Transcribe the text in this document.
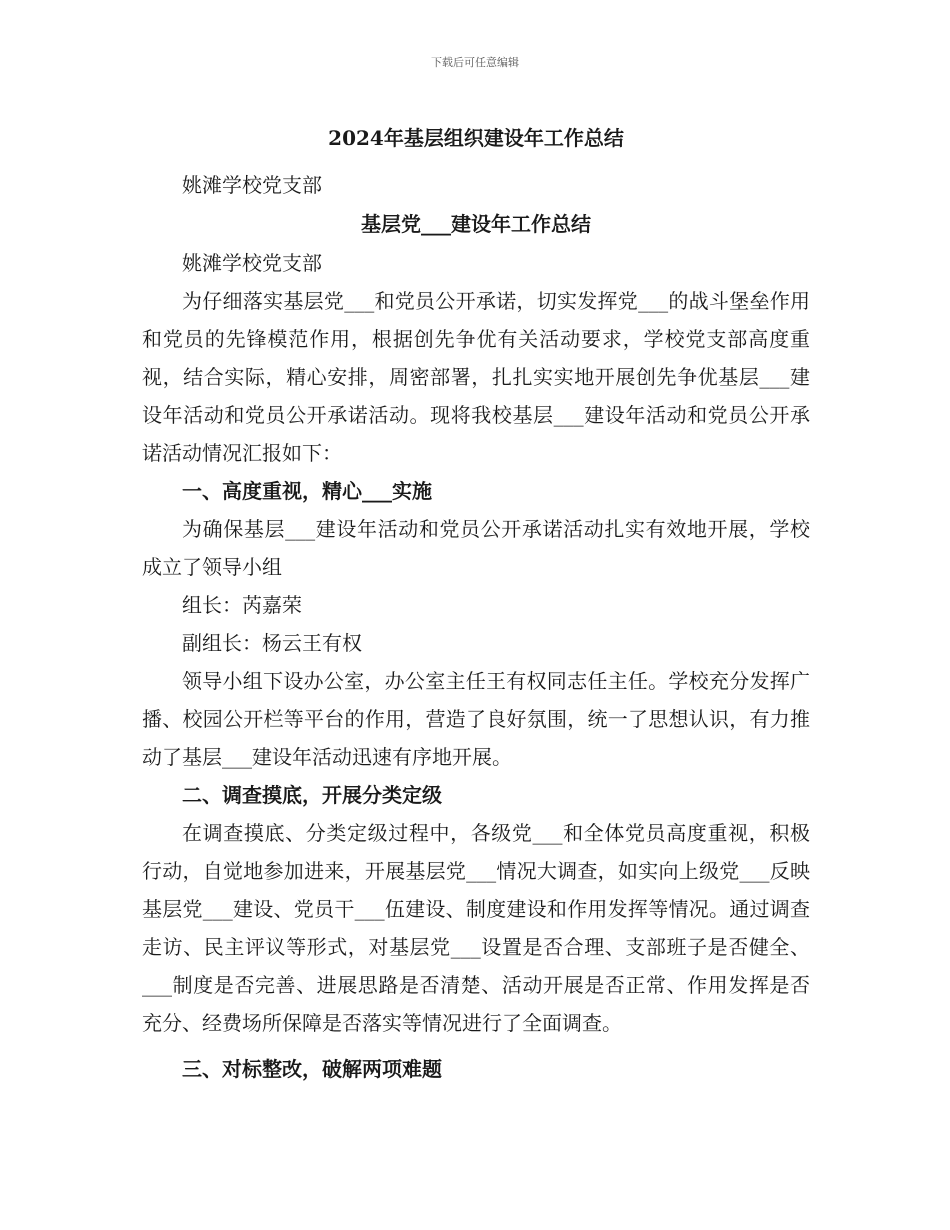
下载后可任意编辑

2024年基层组织建设年工作总结

姚滩学校党支部

基层党___建设年工作总结

姚滩学校党支部

为仔细落实基层党___和党员公开承诺，切实发挥党___的战斗堡垒作用和党员的先锋模范作用，根据创先争优有关活动要求，学校党支部高度重视，结合实际，精心安排，周密部署，扎扎实实地开展创先争优基层___建设年活动和党员公开承诺活动。现将我校基层___建设年活动和党员公开承诺活动情况汇报如下：

一、高度重视，精心___实施

为确保基层___建设年活动和党员公开承诺活动扎实有效地开展，学校成立了领导小组

组长：芮嘉荣

副组长：杨云王有权

领导小组下设办公室，办公室主任王有权同志任主任。学校充分发挥广播、校园公开栏等平台的作用，营造了良好氛围，统一了思想认识，有力推动了基层___建设年活动迅速有序地开展。

二、调查摸底，开展分类定级

在调查摸底、分类定级过程中，各级党___和全体党员高度重视，积极行动，自觉地参加进来，开展基层党___情况大调查，如实向上级党___反映基层党___建设、党员干___伍建设、制度建设和作用发挥等情况。通过调查走访、民主评议等形式，对基层党___设置是否合理、支部班子是否健全、___制度是否完善、进展思路是否清楚、活动开展是否正常、作用发挥是否充分、经费场所保障是否落实等情况进行了全面调查。

三、对标整改，破解两项难题
